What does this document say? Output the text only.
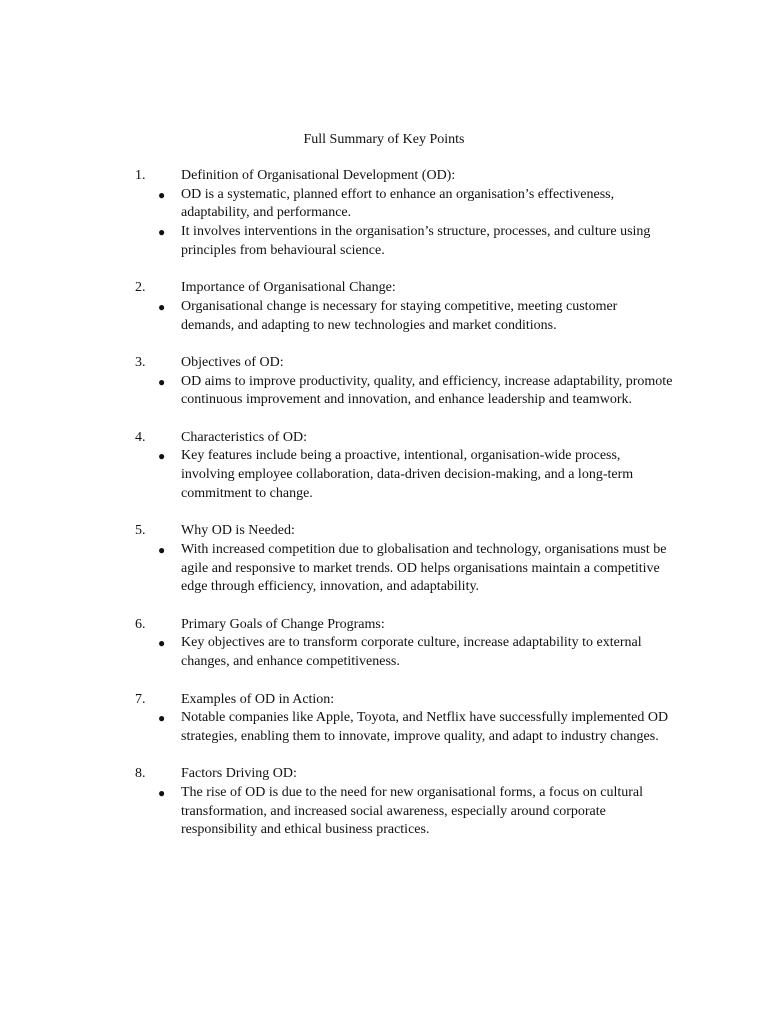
Full Summary of Key Points
1.	Definition of Organisational Development (OD):
● OD is a systematic, planned effort to enhance an organisation’s effectiveness, adaptability, and performance.
● It involves interventions in the organisation’s structure, processes, and culture using principles from behavioural science.
2.	Importance of Organisational Change:
● Organisational change is necessary for staying competitive, meeting customer demands, and adapting to new technologies and market conditions.
3.	Objectives of OD:
● OD aims to improve productivity, quality, and efficiency, increase adaptability, promote continuous improvement and innovation, and enhance leadership and teamwork.
4.	Characteristics of OD:
● Key features include being a proactive, intentional, organisation-wide process, involving employee collaboration, data-driven decision-making, and a long-term commitment to change.
5.	Why OD is Needed:
● With increased competition due to globalisation and technology, organisations must be agile and responsive to market trends. OD helps organisations maintain a competitive edge through efficiency, innovation, and adaptability.
6.	Primary Goals of Change Programs:
● Key objectives are to transform corporate culture, increase adaptability to external changes, and enhance competitiveness.
7.	Examples of OD in Action:
● Notable companies like Apple, Toyota, and Netflix have successfully implemented OD strategies, enabling them to innovate, improve quality, and adapt to industry changes.
8.	Factors Driving OD:
● The rise of OD is due to the need for new organisational forms, a focus on cultural transformation, and increased social awareness, especially around corporate responsibility and ethical business practices.
